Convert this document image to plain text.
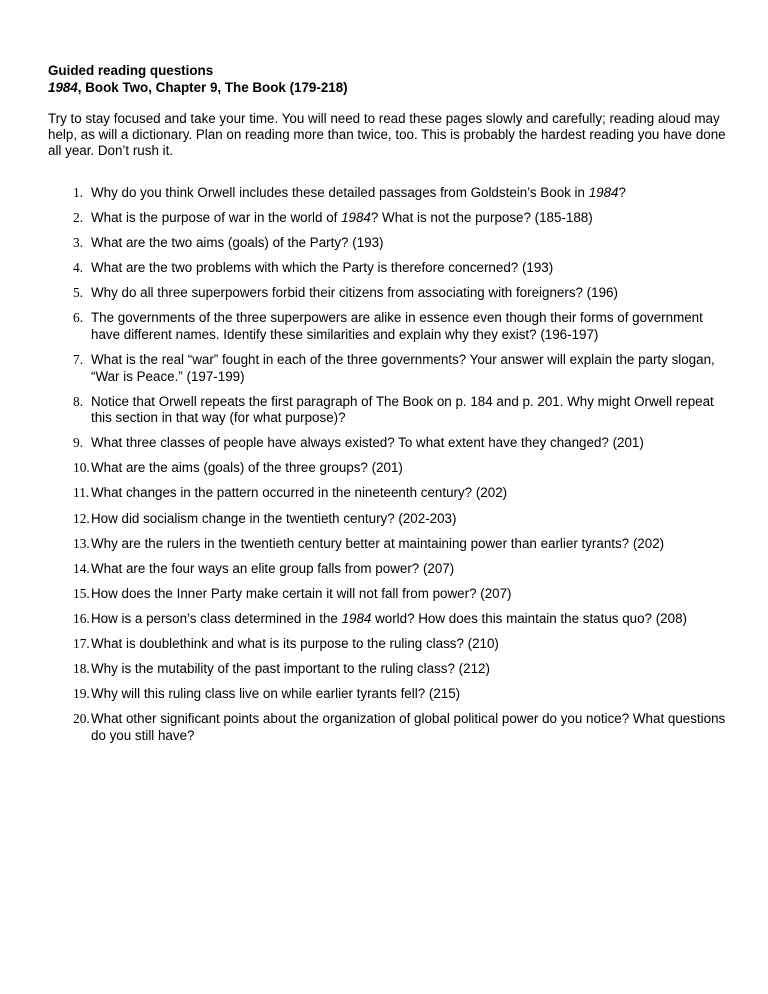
Guided reading questions
1984, Book Two, Chapter 9, The Book (179-218)
Try to stay focused and take your time. You will need to read these pages slowly and carefully; reading aloud may help, as will a dictionary. Plan on reading more than twice, too. This is probably the hardest reading you have done all year. Don’t rush it.
1. Why do you think Orwell includes these detailed passages from Goldstein’s Book in 1984?
2. What is the purpose of war in the world of 1984? What is not the purpose? (185-188)
3. What are the two aims (goals) of the Party? (193)
4. What are the two problems with which the Party is therefore concerned? (193)
5. Why do all three superpowers forbid their citizens from associating with foreigners? (196)
6. The governments of the three superpowers are alike in essence even though their forms of government have different names. Identify these similarities and explain why they exist? (196-197)
7. What is the real “war” fought in each of the three governments? Your answer will explain the party slogan, “War is Peace.” (197-199)
8. Notice that Orwell repeats the first paragraph of The Book on p. 184 and p. 201. Why might Orwell repeat this section in that way (for what purpose)?
9. What three classes of people have always existed? To what extent have they changed? (201)
10. What are the aims (goals) of the three groups? (201)
11. What changes in the pattern occurred in the nineteenth century? (202)
12. How did socialism change in the twentieth century? (202-203)
13. Why are the rulers in the twentieth century better at maintaining power than earlier tyrants? (202)
14. What are the four ways an elite group falls from power? (207)
15. How does the Inner Party make certain it will not fall from power? (207)
16. How is a person’s class determined in the 1984 world? How does this maintain the status quo? (208)
17. What is doublethink and what is its purpose to the ruling class? (210)
18. Why is the mutability of the past important to the ruling class? (212)
19. Why will this ruling class live on while earlier tyrants fell? (215)
20. What other significant points about the organization of global political power do you notice? What questions do you still have?
